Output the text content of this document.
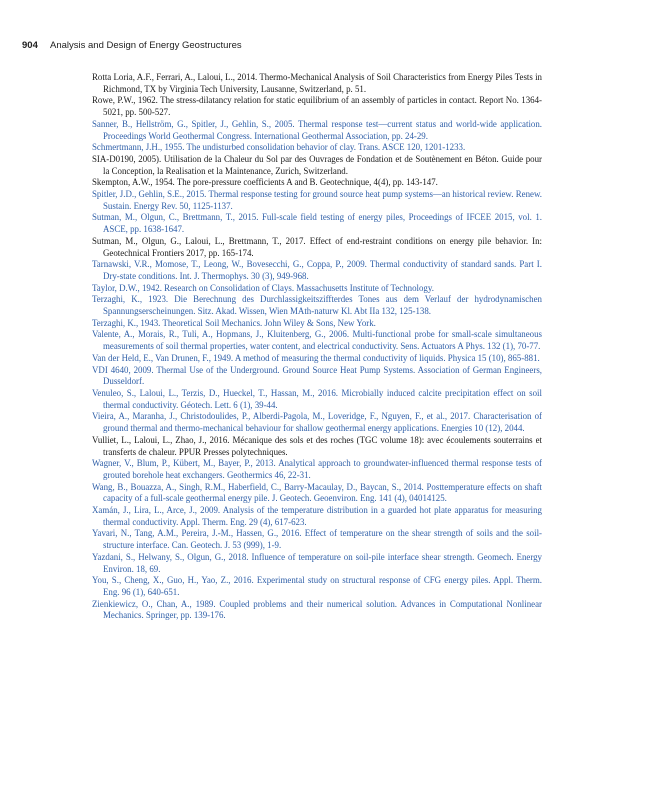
904 Analysis and Design of Energy Geostructures
Rotta Loria, A.F., Ferrari, A., Laloui, L., 2014. Thermo-Mechanical Analysis of Soil Characteristics from Energy Piles Tests in Richmond, TX by Virginia Tech University, Lausanne, Switzerland, p. 51.
Rowe, P.W., 1962. The stress-dilatancy relation for static equilibrium of an assembly of particles in contact. Report No. 1364-5021, pp. 500-527.
Sanner, B., Hellström, G., Spitler, J., Gehlin, S., 2005. Thermal response test—current status and world-wide application. Proceedings World Geothermal Congress. International Geothermal Association, pp. 24-29.
Schmertmann, J.H., 1955. The undisturbed consolidation behavior of clay. Trans. ASCE 120, 1201-1233.
SIA-D0190, 2005). Utilisation de la Chaleur du Sol par des Ouvrages de Fondation et de Soutènement en Béton. Guide pour la Conception, la Realisation et la Maintenance, Zurich, Switzerland.
Skempton, A.W., 1954. The pore-pressure coefficients A and B. Geotechnique, 4(4), pp. 143-147.
Spitler, J.D., Gehlin, S.E., 2015. Thermal response testing for ground source heat pump systems—an historical review. Renew. Sustain. Energy Rev. 50, 1125-1137.
Sutman, M., Olgun, C., Brettmann, T., 2015. Full-scale field testing of energy piles, Proceedings of IFCEE 2015, vol. 1. ASCE, pp. 1638-1647.
Sutman, M., Olgun, G., Laloui, L., Brettmann, T., 2017. Effect of end-restraint conditions on energy pile behavior. In: Geotechnical Frontiers 2017, pp. 165-174.
Tarnawski, V.R., Momose, T., Leong, W., Bovesecchi, G., Coppa, P., 2009. Thermal conductivity of standard sands. Part I. Dry-state conditions. Int. J. Thermophys. 30 (3), 949-968.
Taylor, D.W., 1942. Research on Consolidation of Clays. Massachusetts Institute of Technology.
Terzaghi, K., 1923. Die Berechnung des Durchlassigkeitsziffterdes Tones aus dem Verlauf der hydrodynamischen Spannungserscheinungen. Sitz. Akad. Wissen, Wien MAth-naturw Kl. Abt IIa 132, 125-138.
Terzaghi, K., 1943. Theoretical Soil Mechanics. John Wiley & Sons, New York.
Valente, A., Morais, R., Tuli, A., Hopmans, J., Kluitenberg, G., 2006. Multi-functional probe for small-scale simultaneous measurements of soil thermal properties, water content, and electrical conductivity. Sens. Actuators A Phys. 132 (1), 70-77.
Van der Held, E., Van Drunen, F., 1949. A method of measuring the thermal conductivity of liquids. Physica 15 (10), 865-881.
VDI 4640, 2009. Thermal Use of the Underground. Ground Source Heat Pump Systems. Association of German Engineers, Dusseldorf.
Venuleo, S., Laloui, L., Terzis, D., Hueckel, T., Hassan, M., 2016. Microbially induced calcite precipitation effect on soil thermal conductivity. Géotech. Lett. 6 (1), 39-44.
Vieira, A., Maranha, J., Christodoulides, P., Alberdi-Pagola, M., Loveridge, F., Nguyen, F., et al., 2017. Characterisation of ground thermal and thermo-mechanical behaviour for shallow geothermal energy applications. Energies 10 (12), 2044.
Vulliet, L., Laloui, L., Zhao, J., 2016. Mécanique des sols et des roches (TGC volume 18): avec écoulements souterrains et transferts de chaleur. PPUR Presses polytechniques.
Wagner, V., Blum, P., Kübert, M., Bayer, P., 2013. Analytical approach to groundwater-influenced thermal response tests of grouted borehole heat exchangers. Geothermics 46, 22-31.
Wang, B., Bouazza, A., Singh, R.M., Haberfield, C., Barry-Macaulay, D., Baycan, S., 2014. Posttemperature effects on shaft capacity of a full-scale geothermal energy pile. J. Geotech. Geoenviron. Eng. 141 (4), 04014125.
Xamán, J., Lira, L., Arce, J., 2009. Analysis of the temperature distribution in a guarded hot plate apparatus for measuring thermal conductivity. Appl. Therm. Eng. 29 (4), 617-623.
Yavari, N., Tang, A.M., Pereira, J.-M., Hassen, G., 2016. Effect of temperature on the shear strength of soils and the soil-structure interface. Can. Geotech. J. 53 (999), 1-9.
Yazdani, S., Helwany, S., Olgun, G., 2018. Influence of temperature on soil-pile interface shear strength. Geomech. Energy Environ. 18, 69.
You, S., Cheng, X., Guo, H., Yao, Z., 2016. Experimental study on structural response of CFG energy piles. Appl. Therm. Eng. 96 (1), 640-651.
Zienkiewicz, O., Chan, A., 1989. Coupled problems and their numerical solution. Advances in Computational Nonlinear Mechanics. Springer, pp. 139-176.
